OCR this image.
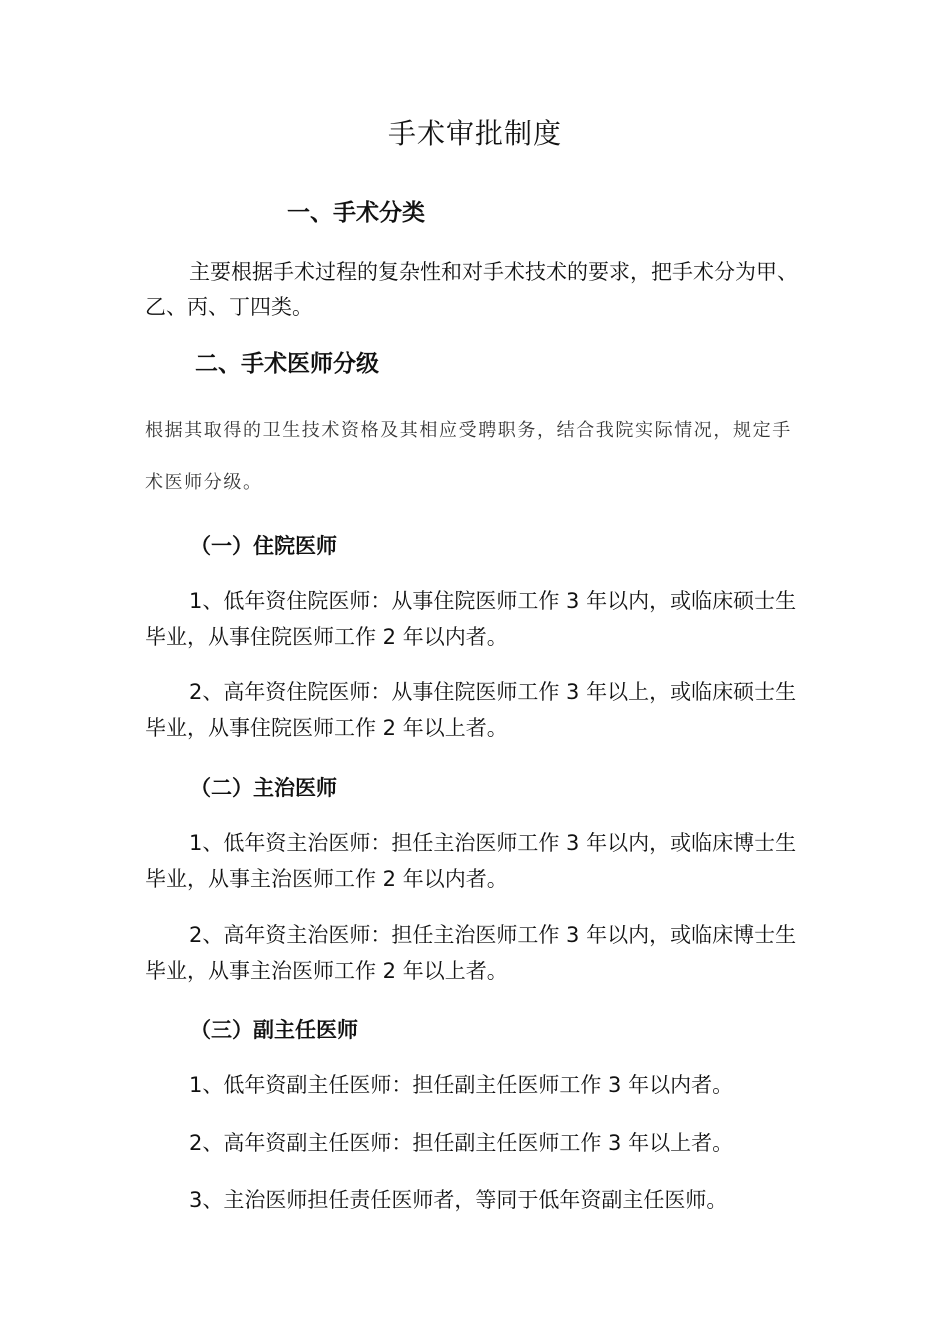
手术审批制度
一、手术分类

主要根据手术过程的复杂性和对手术技术的要求，把手术分为甲、乙、丙、丁四类。

二、手术医师分级

根据其取得的卫生技术资格及其相应受聘职务，结合我院实际情况，规定手术医师分级。

（一）住院医师

1、低年资住院医师：从事住院医师工作 3 年以内，或临床硕士生毕业，从事住院医师工作 2 年以内者。

2、高年资住院医师：从事住院医师工作 3 年以上，或临床硕士生毕业，从事住院医师工作 2 年以上者。

（二）主治医师

1、低年资主治医师：担任主治医师工作 3 年以内，或临床博士生毕业，从事主治医师工作 2 年以内者。

2、高年资主治医师：担任主治医师工作 3 年以内，或临床博士生毕业，从事主治医师工作 2 年以上者。

（三）副主任医师

1、低年资副主任医师：担任副主任医师工作 3 年以内者。

2、高年资副主任医师：担任副主任医师工作 3 年以上者。

3、主治医师担任责任医师者，等同于低年资副主任医师。
